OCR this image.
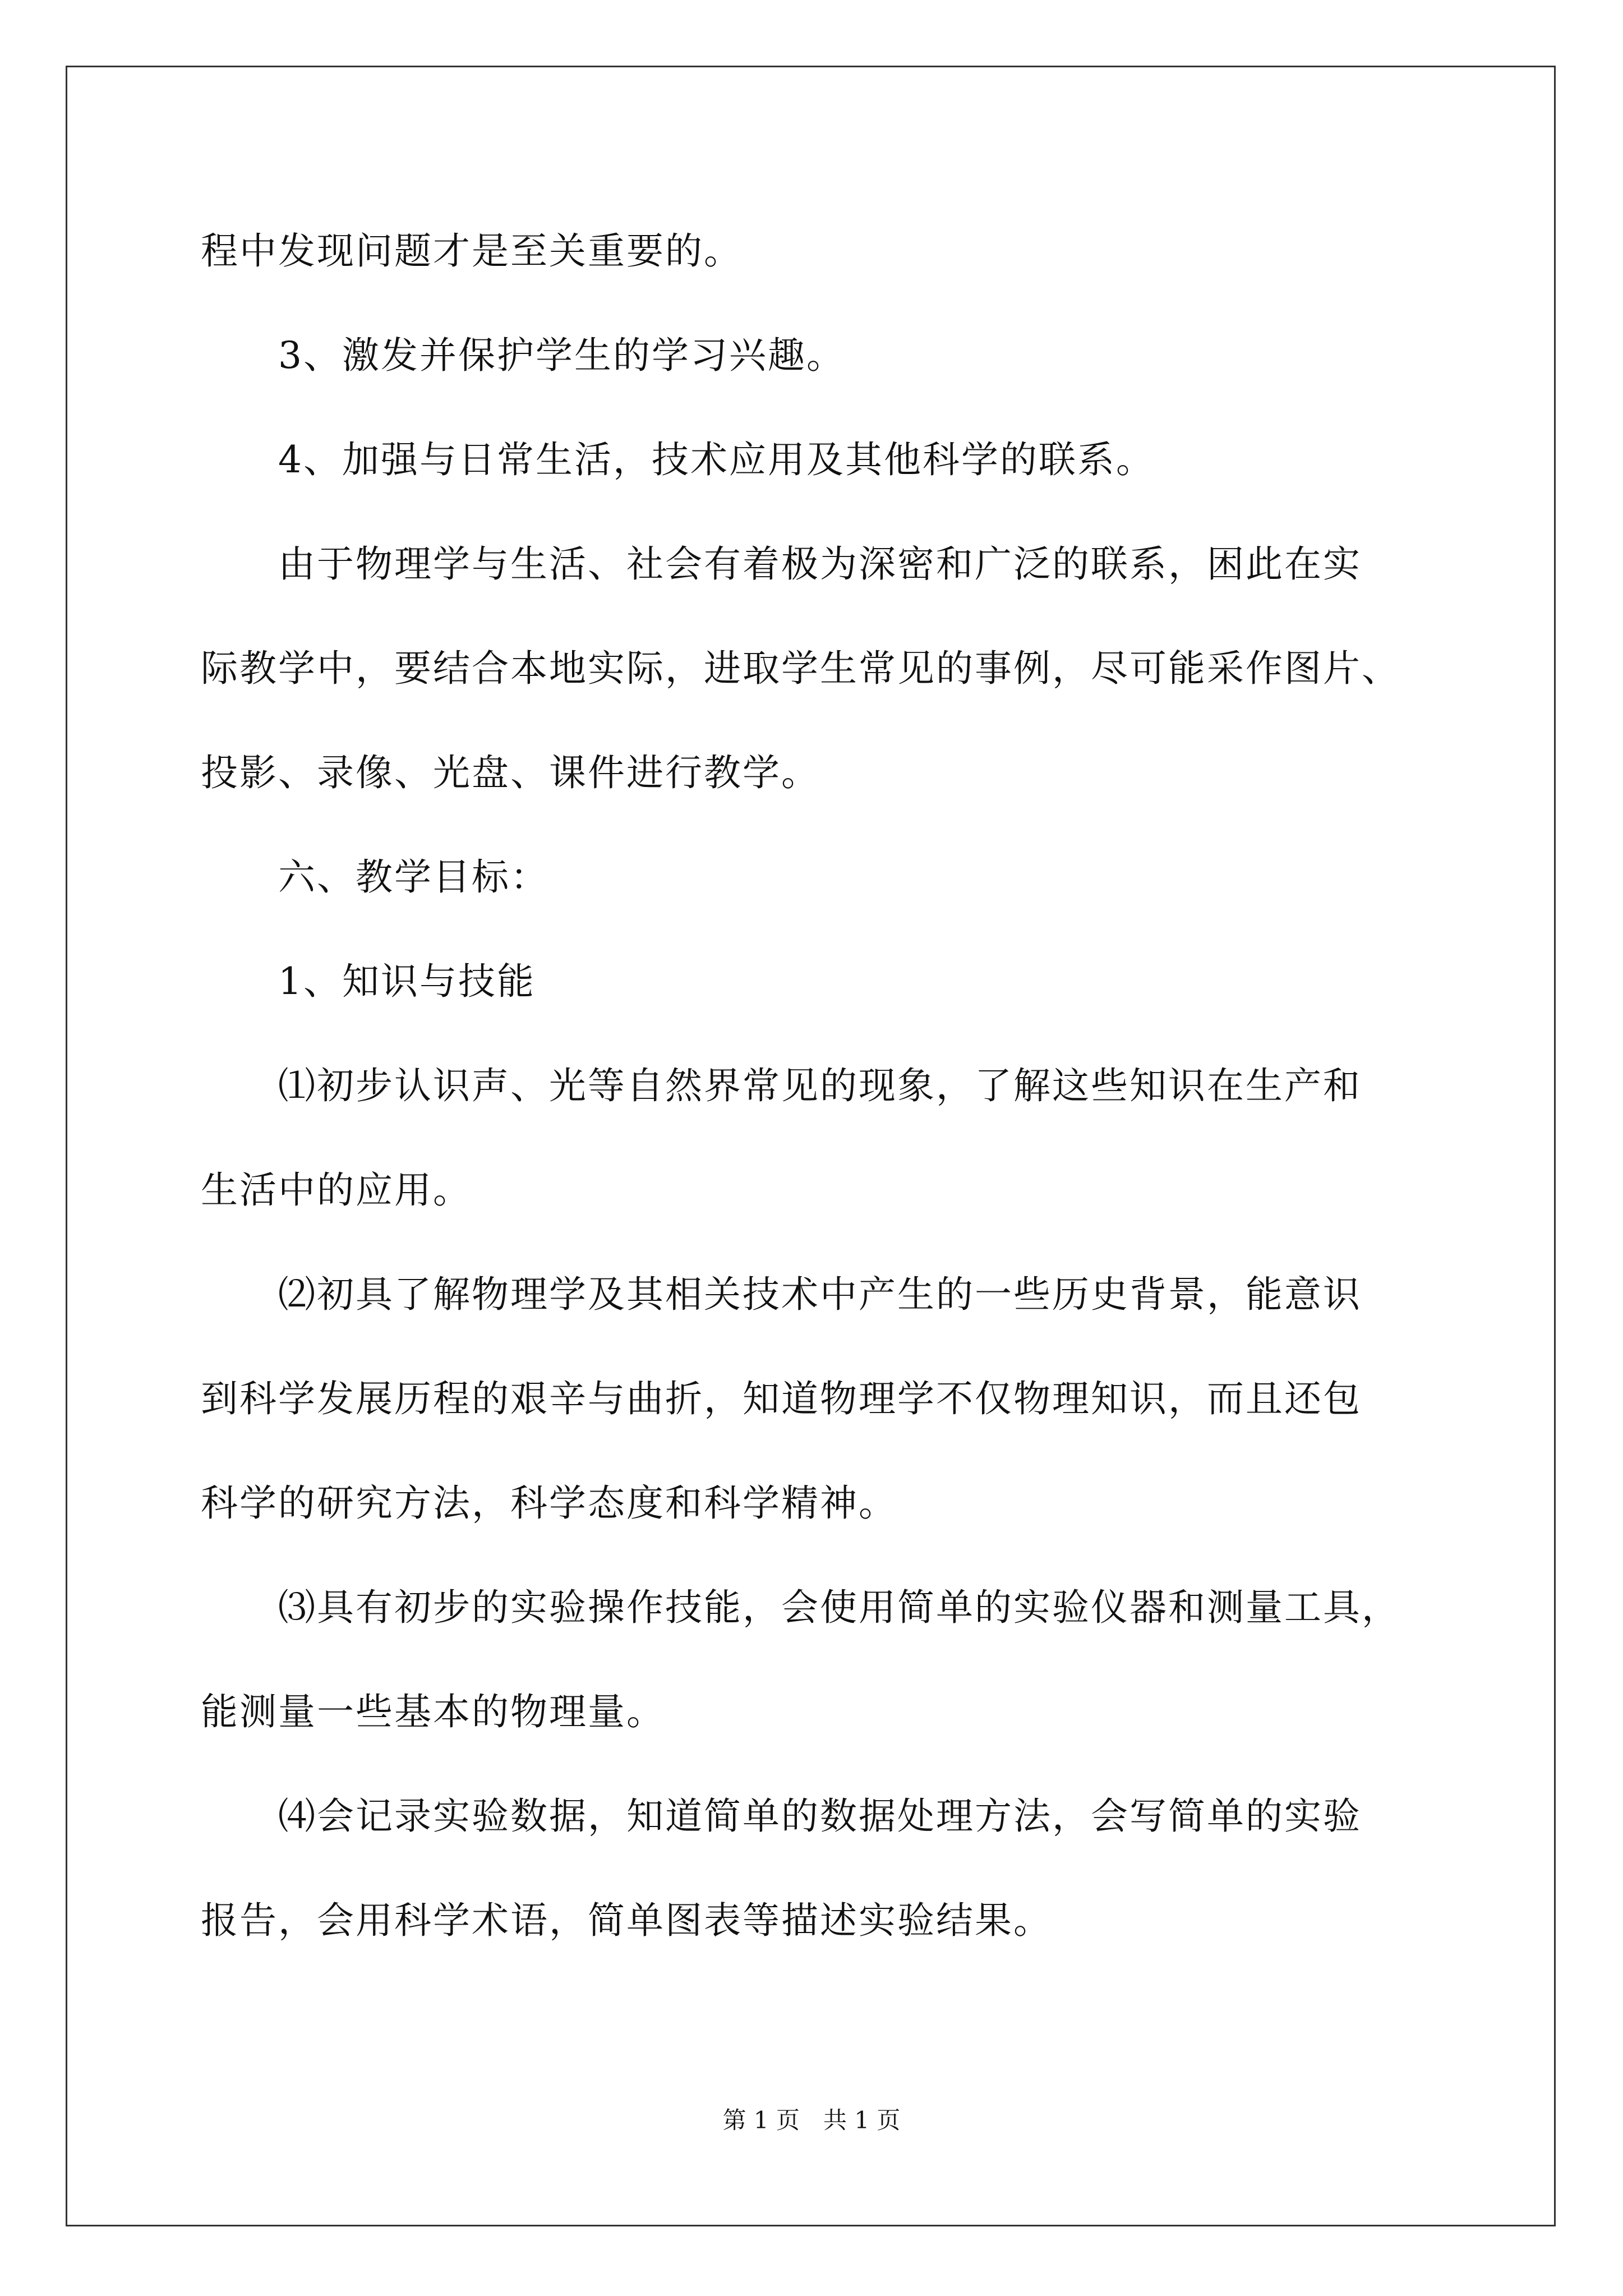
程中发现问题才是至关重要的。

　　3、激发并保护学生的学习兴趣。

　　4、加强与日常生活，技术应用及其他科学的联系。

　　由于物理学与生活、社会有着极为深密和广泛的联系，困此在实

际教学中，要结合本地实际，进取学生常见的事例，尽可能采作图片、

投影、录像、光盘、课件进行教学。

　　六、教学目标：

　　1、知识与技能

　　⑴初步认识声、光等自然界常见的现象，了解这些知识在生产和

生活中的应用。

　　⑵初具了解物理学及其相关技术中产生的一些历史背景，能意识

到科学发展历程的艰辛与曲折，知道物理学不仅物理知识，而且还包

科学的研究方法，科学态度和科学精神。

　　⑶具有初步的实验操作技能，会使用简单的实验仪器和测量工具，

能测量一些基本的物理量。

　　⑷会记录实验数据，知道简单的数据处理方法，会写简单的实验

报告，会用科学术语，简单图表等描述实验结果。

第 1 页　共 1 页
